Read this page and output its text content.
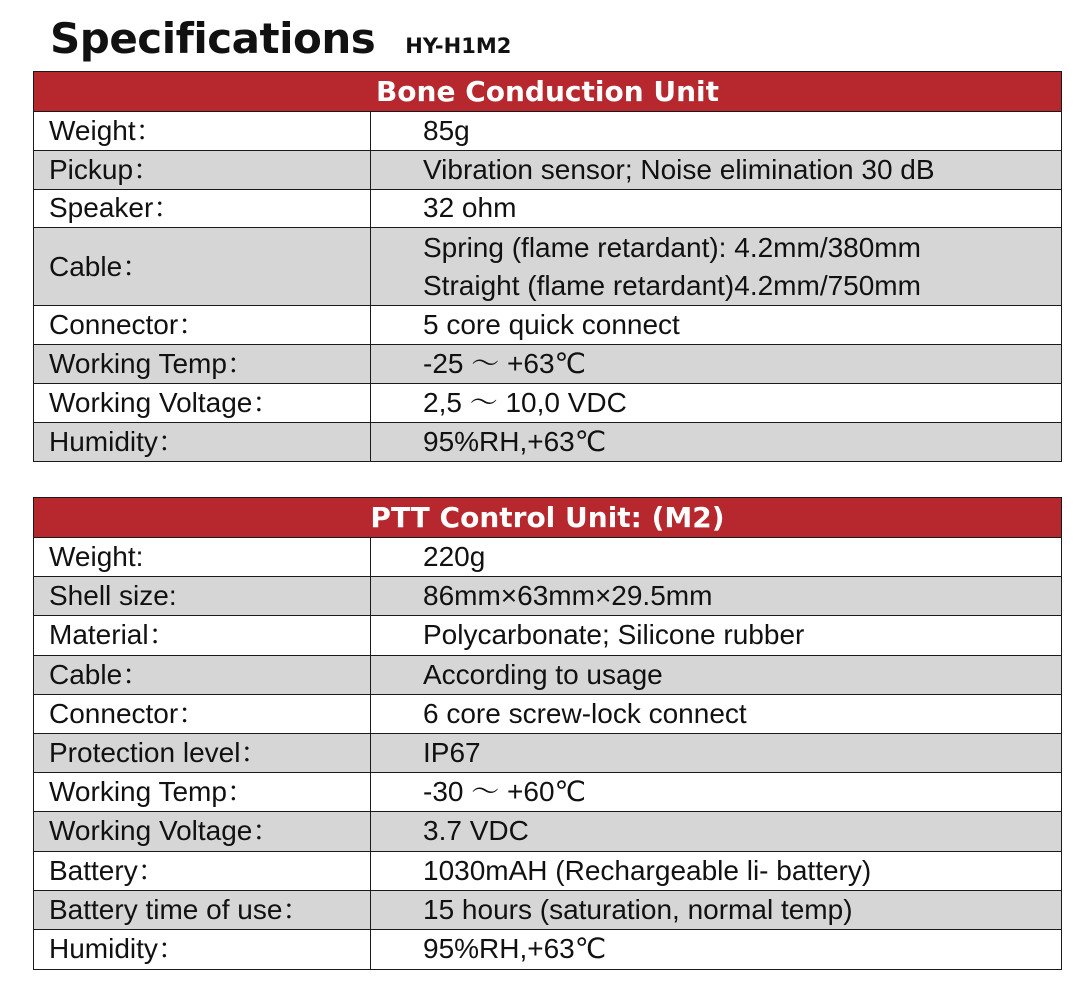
Specifications HY-H1M2
Bone Conduction Unit
Weight：	85g
Pickup：	Vibration sensor; Noise elimination 30 dB
Speaker：	32 ohm
Cable：
Spring (flame retardant): 4.2mm/380mm
Straight (flame retardant)4.2mm/750mm
Connector：	5 core quick connect
Working Temp：	-25 ～ +63℃
Working Voltage：	2,5 ～ 10,0 VDC
Humidity：	95%RH,+63℃
PTT Control Unit: (M2)
Weight:	220g
Shell size:	86mm×63mm×29.5mm
Material：	Polycarbonate; Silicone rubber
Cable：	According to usage
Connector：	6 core screw-lock connect
Protection level：	IP67
Working Temp：	-30 ～ +60℃
Working Voltage：	3.7 VDC
Battery：	1030mAH (Rechargeable li- battery)
Battery time of use：	15 hours (saturation, normal temp)
Humidity：	95%RH,+63℃
